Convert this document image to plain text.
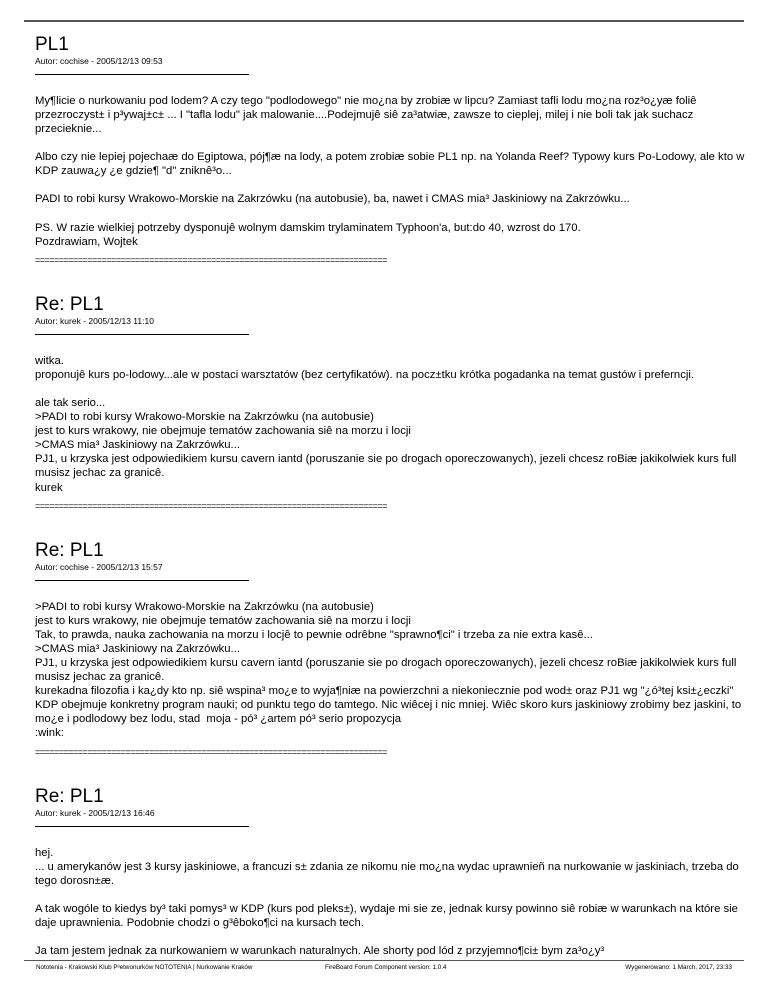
PL1
Autor: cochise - 2005/12/13 09:53

My¶licie o nurkowaniu pod lodem? A czy tego "podlodowego" nie mo¿na by zrobiæ w lipcu? Zamiast tafli lodu mo¿na roz³o¿yæ foliê przezroczyst± i p³ywaj±c± ... I "tafla lodu" jak malowanie....Podejmujê siê za³atwiæ, zawsze to cieplej, milej i nie boli tak jak suchacz przecieknie...

Albo czy nie lepiej pojechaæ do Egiptowa, pój¶æ na lody, a potem zrobiæ sobie PL1 np. na Yolanda Reef? Typowy kurs Po-Lodowy, ale kto w KDP zauwa¿y ¿e gdzie¶ "d" zniknê³o...

PADI to robi kursy Wrakowo-Morskie na Zakrzówku (na autobusie), ba, nawet i CMAS mia³ Jaskiniowy na Zakrzówku...

PS. W razie wielkiej potrzeby dysponujê wolnym damskim trylaminatem Typhoon'a, but:do 40, wzrost do 170.
Pozdrawiam, Wojtek

==========================================================================
Re: PL1
Autor: kurek - 2005/12/13 11:10

witka.
proponujê kurs po-lodowy...ale w postaci warsztatów (bez certyfikatów). na pocz±tku krótka pogadanka na temat gustów i preferncji.

ale tak serio...
>PADI to robi kursy Wrakowo-Morskie na Zakrzówku (na autobusie)
jest to kurs wrakowy, nie obejmuje tematów zachowania siê na morzu i locji
>CMAS mia³ Jaskiniowy na Zakrzówku...
PJ1, u krzyska jest odpowiedikiem kursu cavern iantd (poruszanie sie po drogach oporeczowanych), jezeli chcesz roBiæ jakikolwiek kurs full musisz jechac za granicê.
kurek

==========================================================================
Re: PL1
Autor: cochise - 2005/12/13 15:57

>PADI to robi kursy Wrakowo-Morskie na Zakrzówku (na autobusie)
jest to kurs wrakowy, nie obejmuje tematów zachowania siê na morzu i locji
Tak, to prawda, nauka zachowania na morzu i locjê to pewnie odrêbne "sprawno¶ci" i trzeba za nie extra kasê...
>CMAS mia³ Jaskiniowy na Zakrzówku...
PJ1, u krzyska jest odpowiedikiem kursu cavern iantd (poruszanie sie po drogach oporeczowanych), jezeli chcesz roBiæ jakikolwiek kurs full musisz jechac za granicê.
kurekadna filozofia i ka¿dy kto np. siê wspina³ mo¿e to wyja¶niæ na powierzchni a niekoniecznie pod wod± oraz PJ1 wg "¿ó³tej ksi±¿eczki" KDP obejmuje konkretny program nauki; od punktu tego do tamtego. Nic wiêcej i nic mniej. Wiêc skoro kurs jaskiniowy zrobimy bez jaskini, to mo¿e i podlodowy bez lodu, stad  moja - pó³ ¿artem pó³ serio propozycja
:wink:

==========================================================================
Re: PL1
Autor: kurek - 2005/12/13 16:46

hej.
... u amerykanów jest 3 kursy jaskiniowe, a francuzi s± zdania ze nikomu nie mo¿na wydac uprawnieñ na nurkowanie w jaskiniach, trzeba do tego dorosn±æ.

A tak wogóle to kiedys by³ taki pomys³ w KDP (kurs pod pleks±), wydaje mi sie ze, jednak kursy powinno siê robiæ w warunkach na które sie daje uprawnienia. Podobnie chodzi o g³êboko¶ci na kursach tech.

Ja tam jestem jednak za nurkowaniem w warunkach naturalnych. Ale shorty pod lód z przyjemno¶ci± bym za³o¿y³

Nototenia - Krakowski Klub P³etwonurków NOTOTENIA | Nurkowanie Kraków	FireBoard Forum Component version: 1.0.4	Wygenerowano: 1 March, 2017, 23:33
